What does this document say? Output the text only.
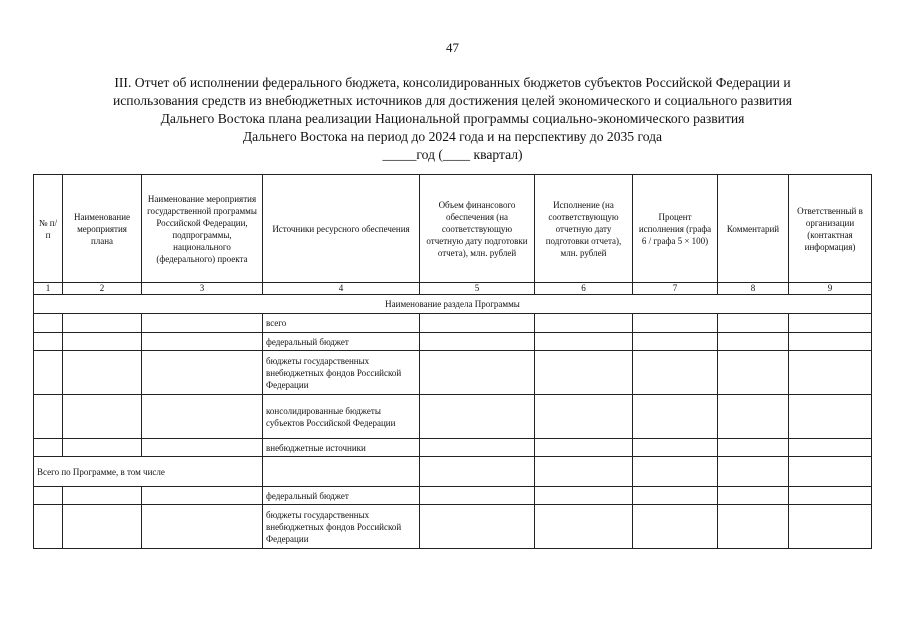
47
III. Отчет об исполнении федерального бюджета, консолидированных бюджетов субъектов Российской Федерации и
использования средств из внебюджетных источников для достижения целей экономического и социального развития
Дальнего Востока плана реализации Национальной программы социально-экономического развития
Дальнего Востока на период до 2024 года и на перспективу до 2035 года
_____год (____ квартал)
№ п/п	Наименование мероприятия плана	Наименование мероприятия государственной программы Российской Федерации, подпрограммы, национального (федерального) проекта	Источники ресурсного обеспечения	Объем финансового обеспечения (на соответствующую отчетную дату подготовки отчета), млн. рублей	Исполнение (на соответствующую отчетную дату подготовки отчета), млн. рублей	Процент исполнения (графа 6 / графа 5 × 100)	Комментарий	Ответственный в организации (контактная информация)
1	2	3	4	5	6	7	8	9
Наименование раздела Программы								
			всего					
			федеральный бюджет					
			бюджеты государственных внебюджетных фондов Российской Федерации					
			консолидированные бюджеты субъектов Российской Федерации					
			внебюджетные источники					
Всего по Программе, в том числе								
			федеральный бюджет					
			бюджеты государственных внебюджетных фондов Российской Федерации					
